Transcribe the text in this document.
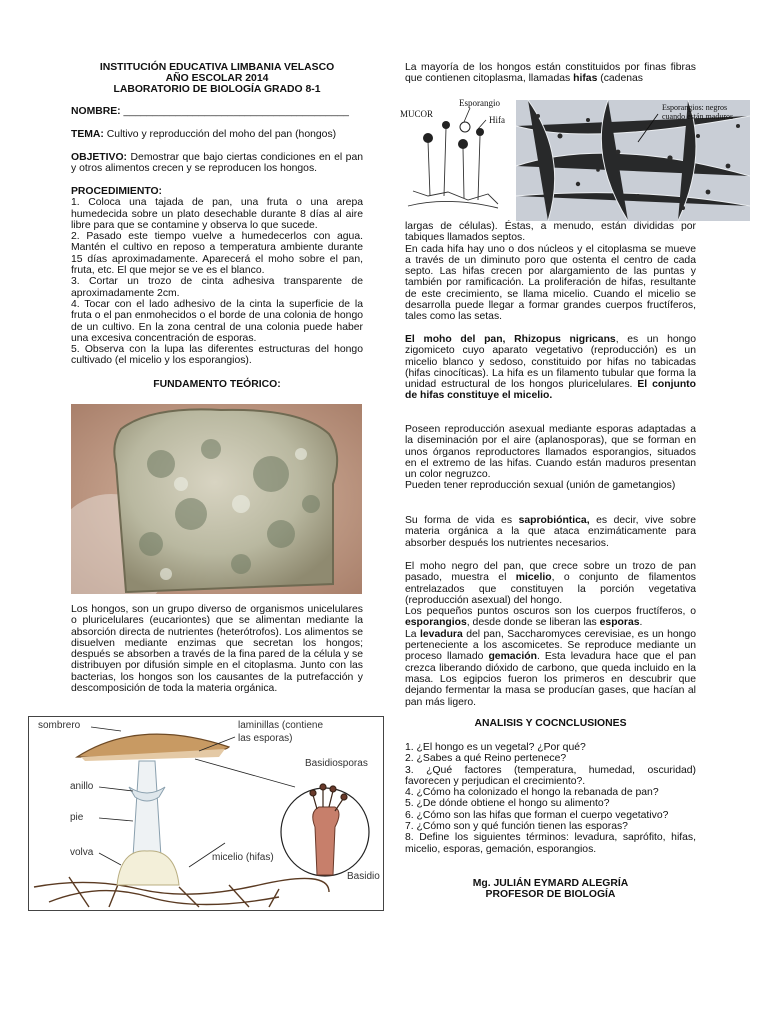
INSTITUCIÓN EDUCATIVA LIMBANIA VELASCO
AÑO ESCOLAR 2014
LABORATORIO DE BIOLOGÍA GRADO 8-1

NOMBRE: _______________________________________

TEMA: Cultivo y reproducción del moho del pan (hongos)

OBJETIVO: Demostrar que bajo ciertas condiciones en el pan y otros alimentos crecen y se reproducen los hongos.

PROCEDIMIENTO:

1. Coloca una tajada de pan, una fruta o una arepa humedecida sobre un plato desechable durante 8 días al aire libre para que se contamine y observa lo que sucede.

2. Pasado este tiempo vuelve a humedecerlos con agua. Mantén el cultivo en reposo a temperatura ambiente durante 15 días aproximadamente. Aparecerá el moho sobre el pan, fruta, etc. El que mejor se ve es el blanco.

3. Cortar un trozo de cinta adhesiva transparente de aproximadamente 2cm.

4. Tocar con el lado adhesivo de la cinta la superficie de la fruta o el pan enmohecidos o el borde de una colonia de hongo de un cultivo. En la zona central de una colonia puede haber una excesiva concentración de esporas.

5. Observa con la lupa las diferentes estructuras del hongo cultivado (el micelio y los esporangios).

FUNDAMENTO TEÓRICO:

Los hongos, son un grupo diverso de organismos unicelulares o pluricelulares (eucariontes) que se alimentan mediante la absorción directa de nutrientes (heterótrofos). Los alimentos se disuelven mediante enzimas que secretan los hongos; después se absorben a través de la fina pared de la célula y se distribuyen por difusión simple en el citoplasma. Junto con las bacterias, los hongos son los causantes de la putrefacción y descomposición de toda la materia orgánica.

sombrero	laminillas (contiene
las esporas)
Basidiosporas
anillo
pie
volva	micelio (hifas)
Basidio

La mayoría de los hongos están constituidos por finas fibras que contienen citoplasma, llamadas hifas (cadenas

MUCOR
Esporangio
Hifa
Esporangios: negros
cuando están maduros

largas de células). Éstas, a menudo, están divididas por tabiques llamados septos.

En cada hifa hay uno o dos núcleos y el citoplasma se mueve a través de un diminuto poro que ostenta el centro de cada septo. Las hifas crecen por alargamiento de las puntas y también por ramificación. La proliferación de hifas, resultante de este crecimiento, se llama micelio. Cuando el micelio se desarrolla puede llegar a formar grandes cuerpos fructíferos, tales como las setas.

El moho del pan, Rhizopus nigricans, es un hongo zigomiceto cuyo aparato vegetativo (reproducción) es un micelio blanco y sedoso, constituido por hifas no tabicadas (hifas cinocíticas). La hifa es un filamento tubular que forma la unidad estructural de los hongos pluricelulares. El conjunto de hifas constituye el micelio.

Poseen reproducción asexual mediante esporas adaptadas a la diseminación por el aire (aplanosporas), que se forman en unos órganos reproductores llamados esporangios, situados en el extremo de las hifas. Cuando están maduros presentan un color negruzco.

Pueden tener reproducción sexual (unión de gametangios)

Su forma de vida es saprobióntica, es decir, vive sobre materia orgánica a la que ataca enzimáticamente para absorber después los nutrientes necesarios.

El moho negro del pan, que crece sobre un trozo de pan pasado, muestra el micelio, o conjunto de filamentos entrelazados que constituyen la porción vegetativa (reproducción asexual) del hongo.

Los pequeños puntos oscuros son los cuerpos fructíferos, o esporangios, desde donde se liberan las esporas.

La levadura del pan, Saccharomyces cerevisiae, es un hongo perteneciente a los ascomicetes. Se reproduce mediante un proceso llamado gemación. Esta levadura hace que el pan crezca liberando dióxido de carbono, que queda incluido en la masa. Los egipcios fueron los primeros en descubrir que dejando fermentar la masa se producían gases, que hacían al pan más ligero.

ANALISIS Y COCNCLUSIONES

1. ¿El hongo es un vegetal? ¿Por qué?

2. ¿Sabes a qué Reino pertenece?

3. ¿Qué factores (temperatura, humedad, oscuridad) favorecen y perjudican el crecimiento?.

4. ¿Cómo ha colonizado el hongo la rebanada de pan?

5. ¿De dónde obtiene el hongo su alimento?

6. ¿Cómo son las hifas que forman el cuerpo vegetativo?

7. ¿Cómo son y qué función tienen las esporas?

8. Define los siguientes términos: levadura, saprófito, hifas, micelio, esporas, gemación, esporangios.

Mg. JULIÁN EYMARD ALEGRÍA

PROFESOR DE BIOLOGÍA
